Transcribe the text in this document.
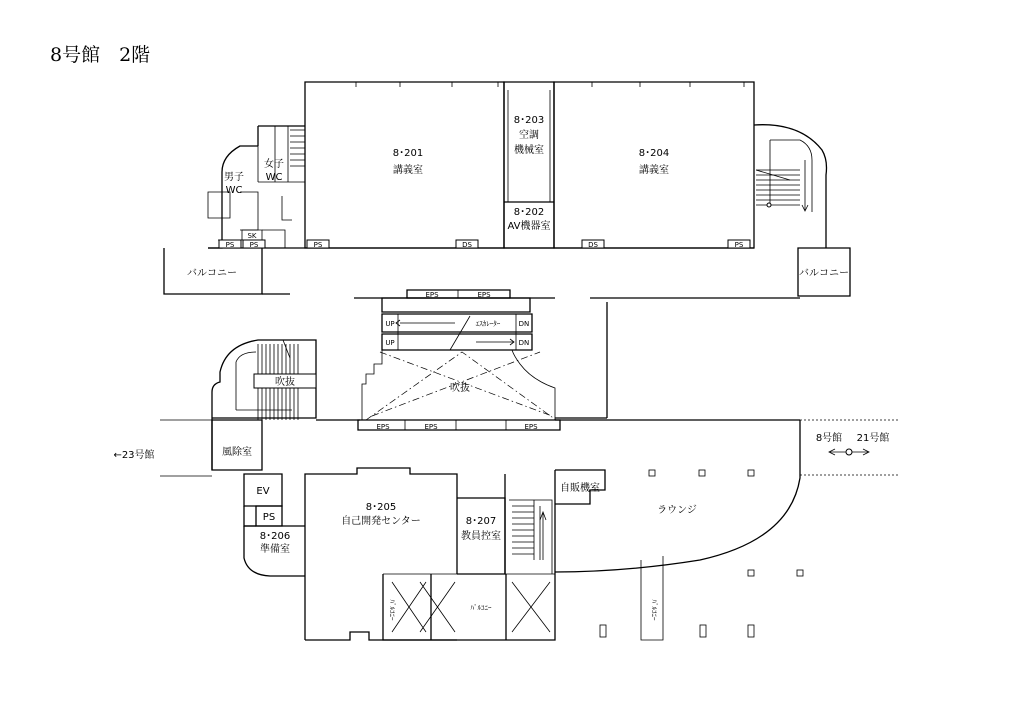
8号館　2階
8･201
講義室
8･203
空調
機械室
8･202
AV機器室
8･204
講義室
女子
WC
男子
WC
SK
PS PS	PS	DS	DS	PS
バルコニー	バルコニー
EPS	EPS
UP
UP
DN
DN
ｴｽｶﾚｰﾀｰ
吹抜
EPS	EPS	EPS
吹抜
風除室
←23号館
EV
PS
8･206
準備室
8･205
自己開発センター	8･207
教員控室
自販機室
ラウンジ
8号館 21号館
ﾊﾞﾙｺﾆｰ	ﾊﾞﾙｺﾆｰ	ﾊﾞﾙｺﾆｰ
